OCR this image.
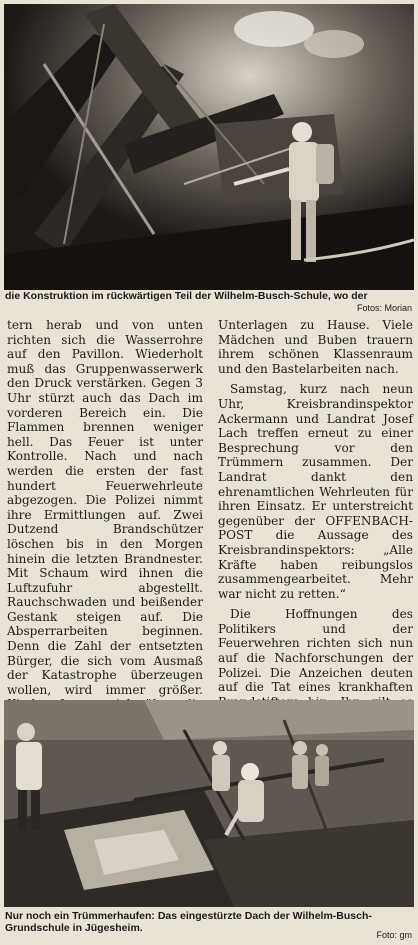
die Konstruktion im rückwärtigen Teil der Wilhelm-Busch-Schule, wo der
Fotos: Morian

tern herab und von unten richten sich die Wasserrohre auf den Pavillon. Wiederholt muß das Gruppenwasserwerk den Druck verstärken. Gegen 3 Uhr stürzt auch das Dach im vorderen Bereich ein. Die Flammen brennen weniger hell. Das Feuer ist unter Kontrolle. Nach und nach werden die ersten der fast hundert Feuerwehrleute abgezogen. Die Polizei nimmt ihre Ermittlungen auf. Zwei Dutzend Brandschützer löschen bis in den Morgen hinein die letzten Brandnester. Mit Schaum wird ihnen die Luftzufuhr abgestellt. Rauchschwaden und beißender Gestank steigen auf. Die Absperrarbeiten beginnen. Denn die Zahl der entsetzten Bürger, die sich vom Ausmaß der Katastrophe überzeugen wollen, wird immer größer.

Unterlagen zu Hause. Viele Mädchen und Buben trauern ihrem schönen Klassenraum und den Bastelarbeiten nach.

Samstag, kurz nach neun Uhr, Kreisbrandinspektor Ackermann und Landrat Josef Lach treffen erneut zu einer Besprechung vor den Trümmern zusammen. Der Landrat dankt den ehrenamtlichen Wehrleuten für ihren Einsatz. Er unterstreicht gegenüber der OFFENBACH-POST die Aussage des Kreisbrandinspektors: „Alle Kräfte haben reibungslos zusammengearbeitet. Mehr war nicht zu retten.“

Die Hoffnungen des Politikers und der Feuerwehren richten sich nun auf die Nachforschungen der Polizei. Die Anzeichen deuten auf die Tat eines krankhaften

Nur noch ein Trümmerhaufen: Das eingestürzte Dach der Wilhelm-Busch-Grundschule in Jügesheim.
Foto: gm
